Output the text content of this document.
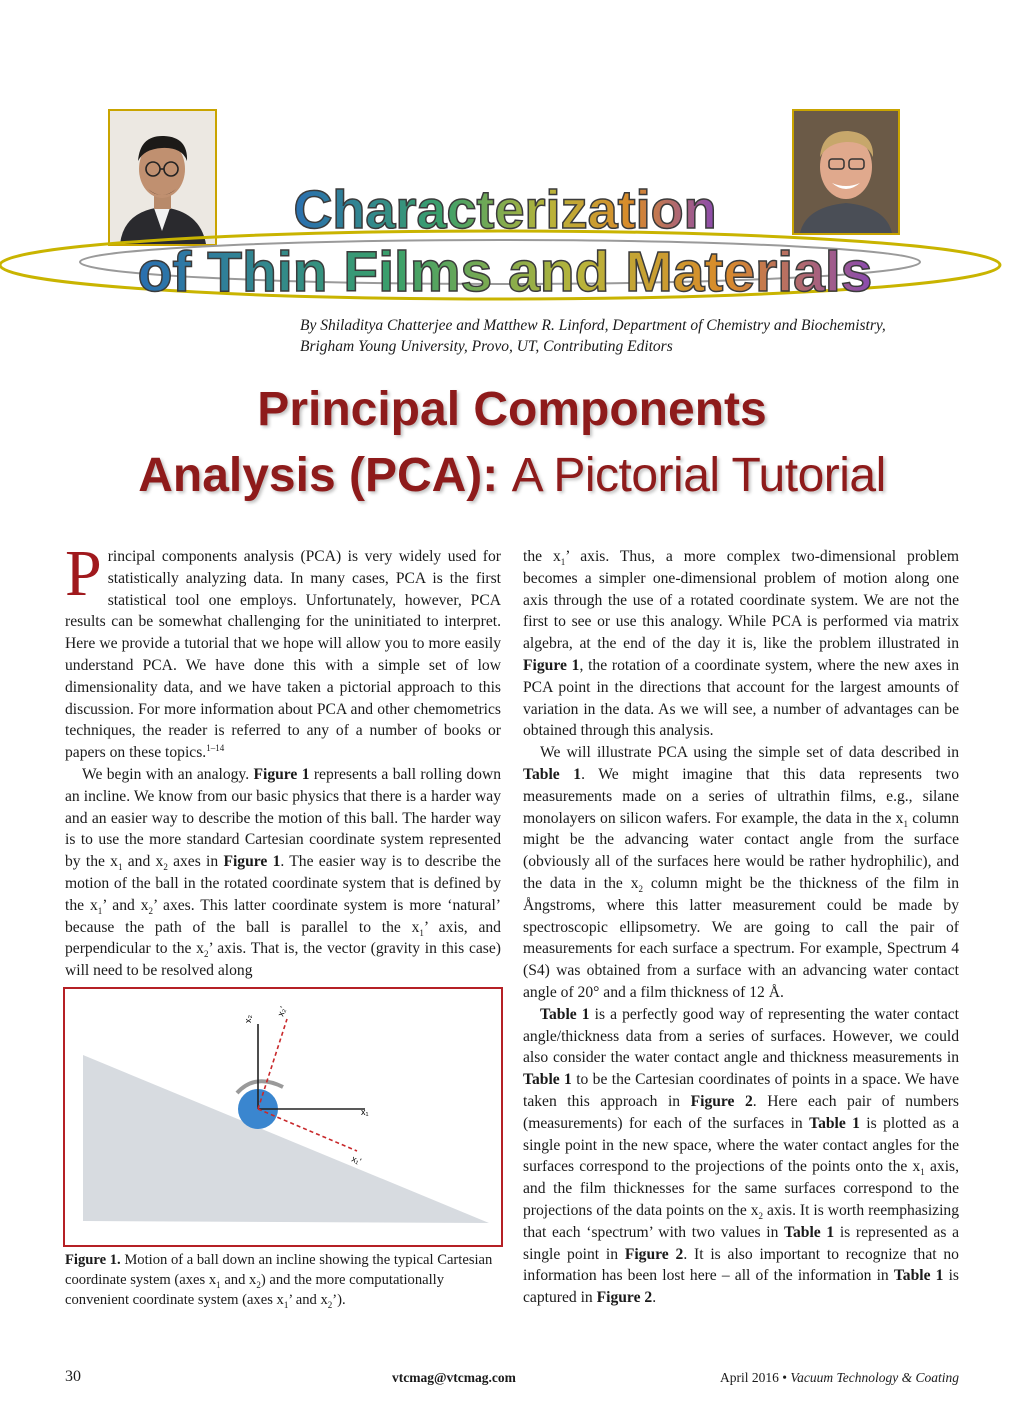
Characterization
of Thin Films and Materials
By Shiladitya Chatterjee and Matthew R. Linford, Department of Chemistry and Biochemistry,
Brigham Young University, Provo, UT, Contributing Editors
Principal Components
Analysis (PCA): A Pictorial Tutorial

Principal components analysis (PCA) is very widely used for statistically analyzing data. In many cases, PCA is the first statistical tool one employs. Unfortunately, however, PCA results can be somewhat challenging for the uninitiated to interpret. Here we provide a tutorial that we hope will allow you to more easily understand PCA. We have done this with a simple set of low dimensionality data, and we have taken a pictorial approach to this discussion. For more information about PCA and other chemometrics techniques, the reader is referred to any of a number of books or papers on these topics.$^{1-14}$

We begin with an analogy. Figure 1 represents a ball rolling down an incline. We know from our basic physics that there is a harder way and an easier way to describe the motion of this ball. The harder way is to use the more standard Cartesian coordinate system represented by the $x_1$ and $x_2$ axes in Figure 1. The easier way is to describe the motion of the ball in the rotated coordinate system that is defined by the $x_1$’ and $x_2$’ axes. This latter coordinate system is more ‘natural’ because the path of the ball is parallel to the $x_1$’ axis, and perpendicular to the $x_2$’ axis. That is, the vector (gravity in this case) will need to be resolved along

x₂
x₂'
x₁
x₁'
Figure 1. Motion of a ball down an incline showing the typical Cartesian coordinate system (axes $x_1$ and $x_2$) and the more computationally convenient coordinate system (axes $x_1$’ and $x_2$’).

the $x_1$’ axis. Thus, a more complex two-dimensional problem becomes a simpler one-dimensional problem of motion along one axis through the use of a rotated coordinate system. We are not the first to see or use this analogy. While PCA is performed via matrix algebra, at the end of the day it is, like the problem illustrated in Figure 1, the rotation of a coordinate system, where the new axes in PCA point in the directions that account for the largest amounts of variation in the data. As we will see, a number of advantages can be obtained through this analysis.

We will illustrate PCA using the simple set of data described in Table 1. We might imagine that this data represents two measurements made on a series of ultrathin films, e.g., silane monolayers on silicon wafers. For example, the data in the $x_1$ column might be the advancing water contact angle from the surface (obviously all of the surfaces here would be rather hydrophilic), and the data in the $x_2$ column might be the thickness of the film in Ångstroms, where this latter measurement could be made by spectroscopic ellipsometry. We are going to call the pair of measurements for each surface a spectrum. For example, Spectrum 4 (S4) was obtained from a surface with an advancing water contact angle of 20° and a film thickness of 12 Å.

Table 1 is a perfectly good way of representing the water contact angle/thickness data from a series of surfaces. However, we could also consider the water contact angle and thickness measurements in Table 1 to be the Cartesian coordinates of points in a space. We have taken this approach in Figure 2. Here each pair of numbers (measurements) for each of the surfaces in Table 1 is plotted as a single point in the new space, where the water contact angles for the surfaces correspond to the projections of the points onto the $x_1$ axis, and the film thicknesses for the same surfaces correspond to the projections of the data points on the $x_2$ axis. It is worth reemphasizing that each ‘spectrum’ with two values in Table 1 is represented as a single point in Figure 2. It is also important to recognize that no information has been lost here – all of the information in Table 1 is captured in Figure 2.

30	vtcmag@vtcmag.com	April 2016 • Vacuum Technology & Coating
